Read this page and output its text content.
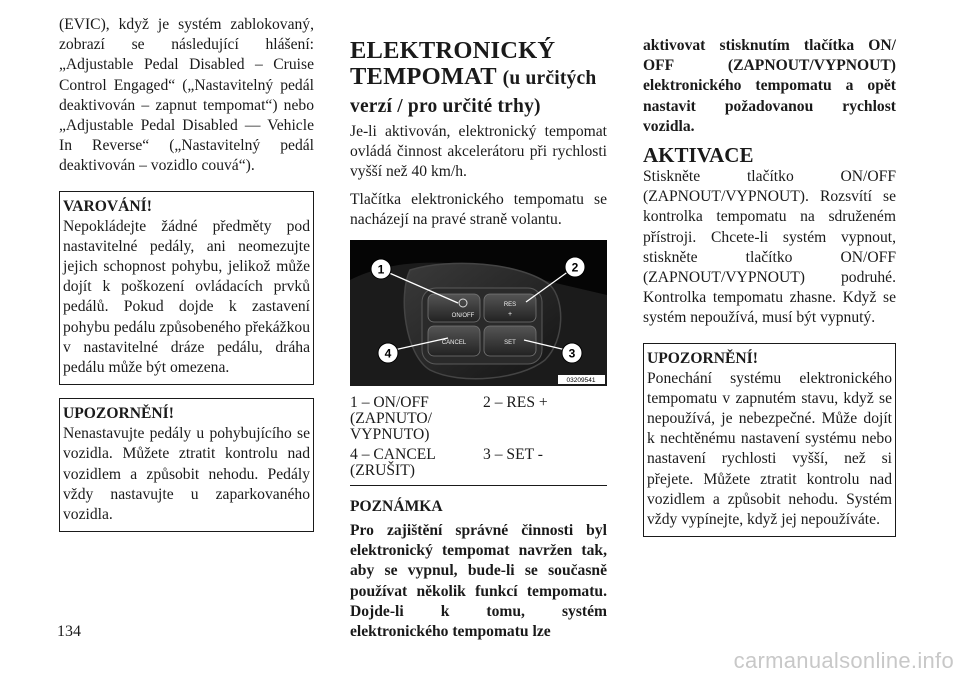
(EVIC), když je systém zablokovaný, zobrazí se následující hlášení: „Adjustable Pedal Disabled – Cruise Control Engaged“ („Nastavitelný pedál deaktivován – zapnut tempomat“) nebo „Adjustable Pedal Disabled — Vehicle In Reverse“ („Nastavitelný pedál deaktivován – vozidlo couvá“).

VAROVÁNÍ!

Nepokládejte žádné předměty pod nastavitelné pedály, ani neomezujte jejich schopnost pohybu, jelikož může dojít k poškození ovládacích prvků pedálů. Pokud dojde k zastavení pohybu pedálu způsobeného překážkou v nastavitelné dráze pedálu, dráha pedálu může být omezena.

UPOZORNĚNÍ!

Nenastavujte pedály u pohybujícího se vozidla. Můžete ztratit kontrolu nad vozidlem a způsobit nehodu. Pedály vždy nastavujte u zaparkovaného vozidla.

ELEKTRONICKÝ
TEMPOMAT (u určitých
verzí / pro určité trhy)

Je-li aktivován, elektronický tempomat ovládá činnost akcelerátoru při rychlosti vyšší než 40 km/h.

Tlačítka elektronického tempomatu se nacházejí na pravé straně volantu.

ON/OFF
RES
+
CANCEL	SET
1	2
3
4
03209541
1 – ON/OFF (ZAPNUTO/ VYPNUTO)	2 – RES +
4 – CANCEL (ZRUŠIT)	3 – SET -
POZNÁMKA

Pro zajištění správné činnosti byl elektronický tempomat navržen tak, aby se vypnul, bude-li se současně používat několik funkcí tempomatu. Dojde-li k tomu, systém elektronického tempomatu lze

aktivovat stisknutím tlačítka ON/ OFF (ZAPNOUT/VYPNOUT) elektronického tempomatu a opět nastavit požadovanou rychlost vozidla.

AKTIVACE

Stiskněte tlačítko ON/OFF (ZAPNOUT/VYPNOUT). Rozsvítí se kontrolka tempomatu na sdruženém přístroji. Chcete-li systém vypnout, stiskněte tlačítko ON/OFF (ZAPNOUT/VYPNOUT) podruhé. Kontrolka tempomatu zhasne. Když se systém nepoužívá, musí být vypnutý.

UPOZORNĚNÍ!

Ponechání systému elektronického tempomatu v zapnutém stavu, když se nepoužívá, je nebezpečné. Může dojít k nechtěnému nastavení systému nebo nastavení rychlosti vyšší, než si přejete. Můžete ztratit kontrolu nad vozidlem a způsobit nehodu. Systém vždy vypínejte, když jej nepoužíváte.

134
carmanualsonline.info
